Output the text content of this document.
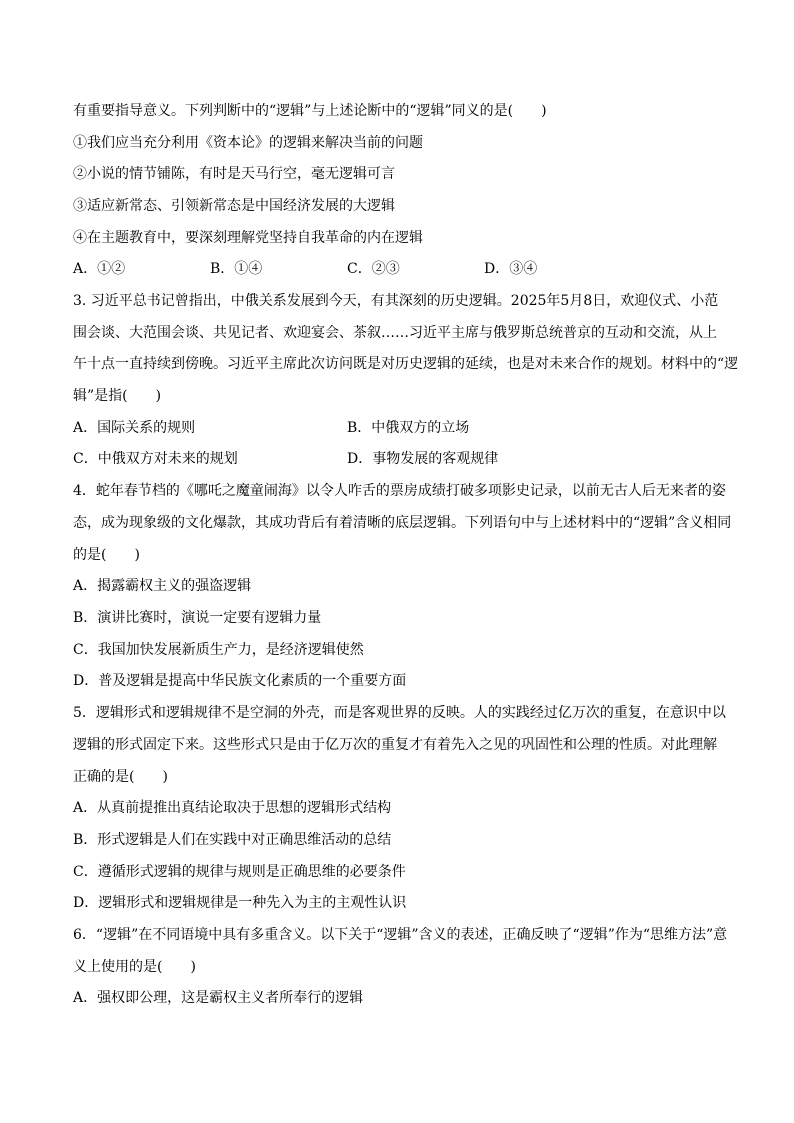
有重要指导意义。下列判断中的“逻辑”与上述论断中的“逻辑”同义的是(　　)
①我们应当充分利用《资本论》的逻辑来解决当前的问题
②小说的情节铺陈，有时是天马行空，毫无逻辑可言
③适应新常态、引领新常态是中国经济发展的大逻辑
④在主题教育中，要深刻理解党坚持自我革命的内在逻辑
A．①②	B．①④	C．②③	D．③④
3. 习近平总书记曾指出，中俄关系发展到今天，有其深刻的历史逻辑。2025年5月8日，欢迎仪式、小范
围会谈、大范围会谈、共见记者、欢迎宴会、茶叙……习近平主席与俄罗斯总统普京的互动和交流，从上
午十点一直持续到傍晚。习近平主席此次访问既是对历史逻辑的延续，也是对未来合作的规划。材料中的“逻
辑”是指(　　)
A．国际关系的规则	B．中俄双方的立场
C．中俄双方对未来的规划	D．事物发展的客观规律
4．蛇年春节档的《哪吒之魔童闹海》以令人咋舌的票房成绩打破多项影史记录，以前无古人后无来者的姿
态，成为现象级的文化爆款，其成功背后有着清晰的底层逻辑。下列语句中与上述材料中的“逻辑”含义相同
的是(　　)
A．揭露霸权主义的强盗逻辑
B．演讲比赛时，演说一定要有逻辑力量
C．我国加快发展新质生产力，是经济逻辑使然
D．普及逻辑是提高中华民族文化素质的一个重要方面
5．逻辑形式和逻辑规律不是空洞的外壳，而是客观世界的反映。人的实践经过亿万次的重复，在意识中以
逻辑的形式固定下来。这些形式只是由于亿万次的重复才有着先入之见的巩固性和公理的性质。对此理解
正确的是(　　)
A．从真前提推出真结论取决于思想的逻辑形式结构
B．形式逻辑是人们在实践中对正确思维活动的总结
C．遵循形式逻辑的规律与规则是正确思维的必要条件
D．逻辑形式和逻辑规律是一种先入为主的主观性认识
6．“逻辑”在不同语境中具有多重含义。以下关于“逻辑”含义的表述，正确反映了“逻辑”作为“思维方法”意
义上使用的是(　　)
A．强权即公理，这是霸权主义者所奉行的逻辑
